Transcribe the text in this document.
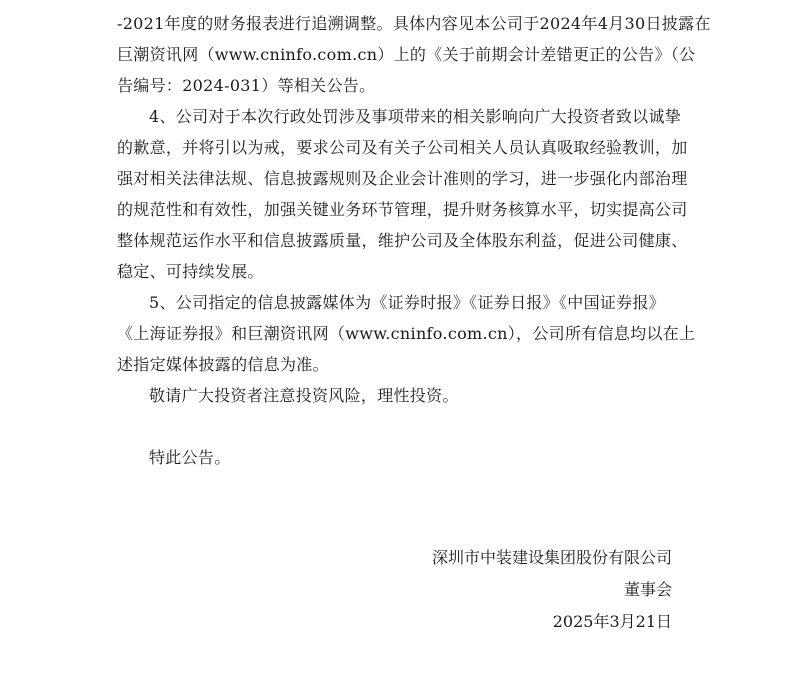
-2021年度的财务报表进行追溯调整。具体内容见本公司于2024年4月30日披露在
巨潮资讯网（www.cninfo.com.cn）上的《关于前期会计差错更正的公告》（公
告编号：2024-031）等相关公告。
4、公司对于本次行政处罚涉及事项带来的相关影响向广大投资者致以诚挚
的歉意，并将引以为戒，要求公司及有关子公司相关人员认真吸取经验教训，加
强对相关法律法规、信息披露规则及企业会计准则的学习，进一步强化内部治理
的规范性和有效性，加强关键业务环节管理，提升财务核算水平，切实提高公司
整体规范运作水平和信息披露质量，维护公司及全体股东利益，促进公司健康、
稳定、可持续发展。
5、公司指定的信息披露媒体为《证券时报》《证券日报》《中国证券报》
《上海证券报》和巨潮资讯网（www.cninfo.com.cn），公司所有信息均以在上
述指定媒体披露的信息为准。
敬请广大投资者注意投资风险，理性投资。
特此公告。
深圳市中装建设集团股份有限公司
董事会
2025年3月21日
